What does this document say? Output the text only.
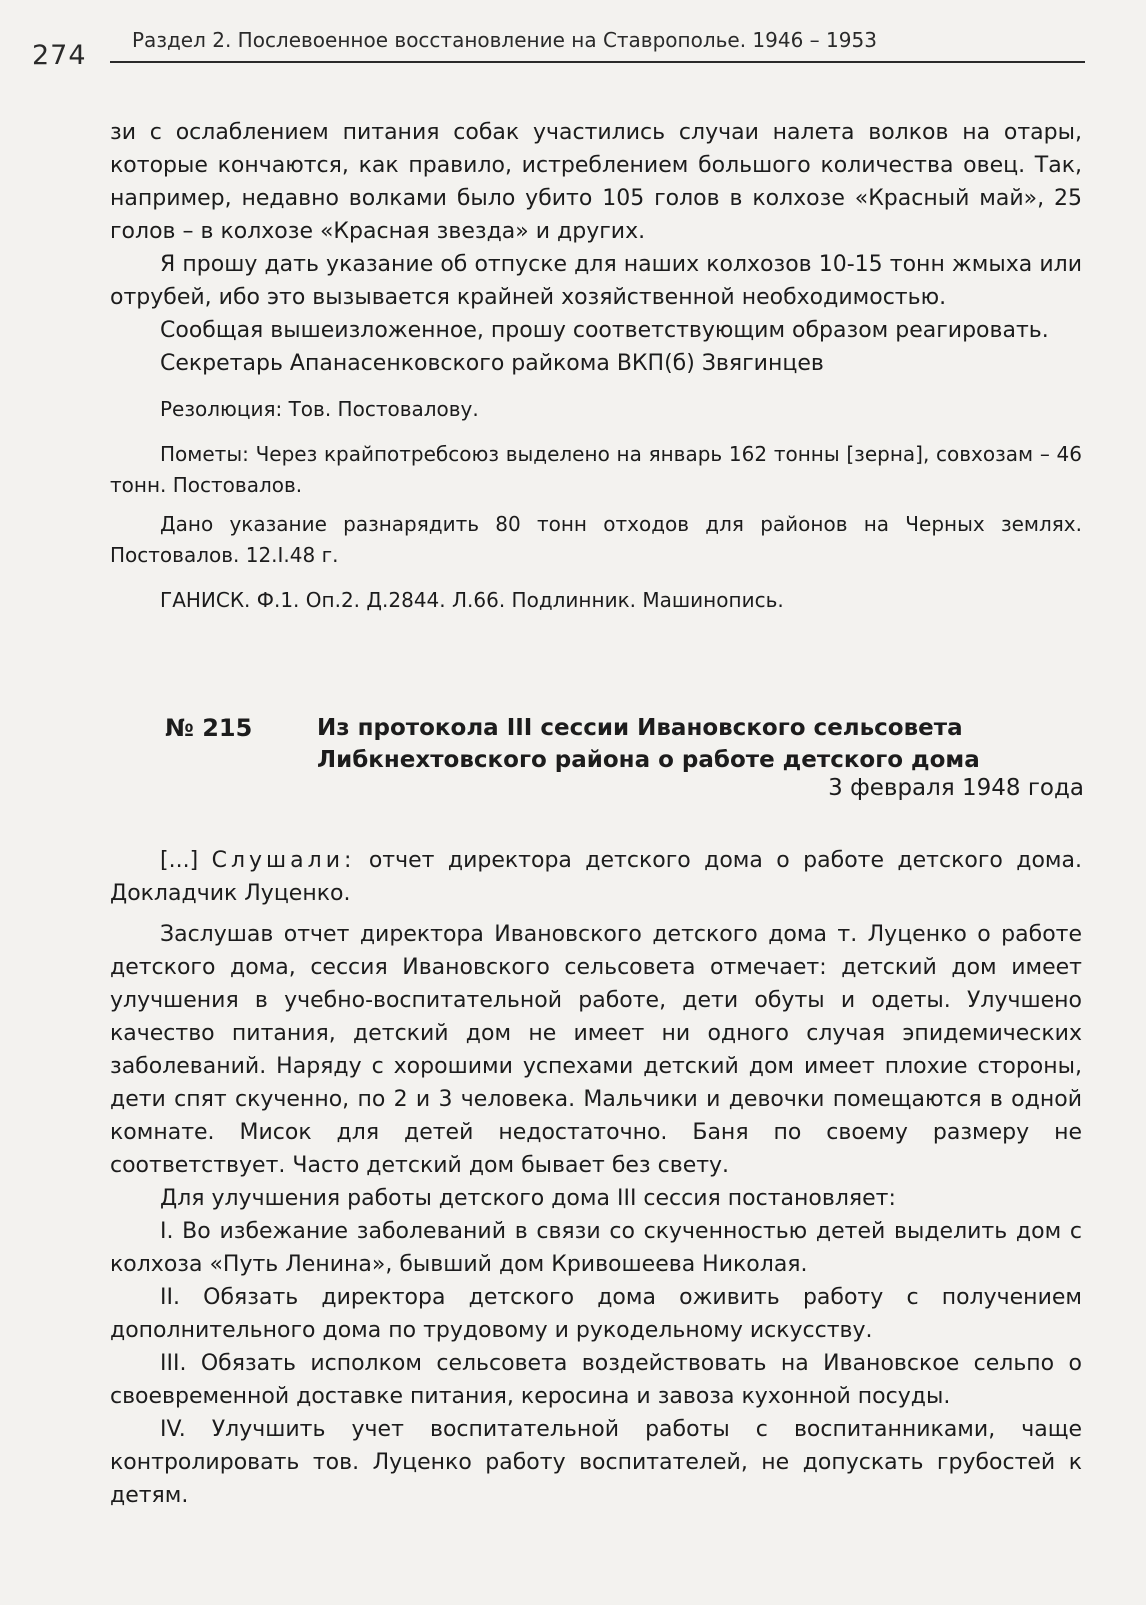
274 Раздел 2. Послевоенное восстановление на Ставрополье. 1946 – 1953

зи с ослаблением питания собак участились случаи налета волков на отары, которые кончаются, как правило, истреблением большого количества овец. Так, например, недавно волками было убито 105 голов в колхозе «Красный май», 25 голов – в колхозе «Красная звезда» и других.

Я прошу дать указание об отпуске для наших колхозов 10-15 тонн жмыха или отрубей, ибо это вызывается крайней хозяйственной необходимостью.

Сообщая вышеизложенное, прошу соответствующим образом реагировать.

Секретарь Апанасенковского райкома ВКП(б) Звягинцев

Резолюция: Тов. Постовалову.

Пометы: Через крайпотребсоюз выделено на январь 162 тонны [зерна], совхозам – 46 тонн. Постовалов.

Дано указание разнарядить 80 тонн отходов для районов на Черных землях. Постовалов. 12.I.48 г.

ГАНИСК. Ф.1. Оп.2. Д.2844. Л.66. Подлинник. Машинопись.

№ 215	Из протокола III сессии Ивановского сельсовета
Либкнехтовского района о работе детского дома
3 февраля 1948 года

[...] Слушали: отчет директора детского дома о работе детского дома. Докладчик Луценко.

Заслушав отчет директора Ивановского детского дома т. Луценко о работе детского дома, сессия Ивановского сельсовета отмечает: детский дом имеет улучшения в учебно-воспитательной работе, дети обуты и одеты. Улучшено качество питания, детский дом не имеет ни одного случая эпидемических заболеваний. Наряду с хорошими успехами детский дом имеет плохие стороны, дети спят скученно, по 2 и 3 человека. Мальчики и девочки помещаются в одной комнате. Мисок для детей недостаточно. Баня по своему размеру не соответствует. Часто детский дом бывает без свету.

Для улучшения работы детского дома III сессия постановляет:

I. Во избежание заболеваний в связи со скученностью детей выделить дом с колхоза «Путь Ленина», бывший дом Кривошеева Николая.

II. Обязать директора детского дома оживить работу с получением дополнительного дома по трудовому и рукодельному искусству.

III. Обязать исполком сельсовета воздействовать на Ивановское сельпо о своевременной доставке питания, керосина и завоза кухонной посуды.

IV. Улучшить учет воспитательной работы с воспитанниками, чаще контролировать тов. Луценко работу воспитателей, не допускать грубостей к детям.
